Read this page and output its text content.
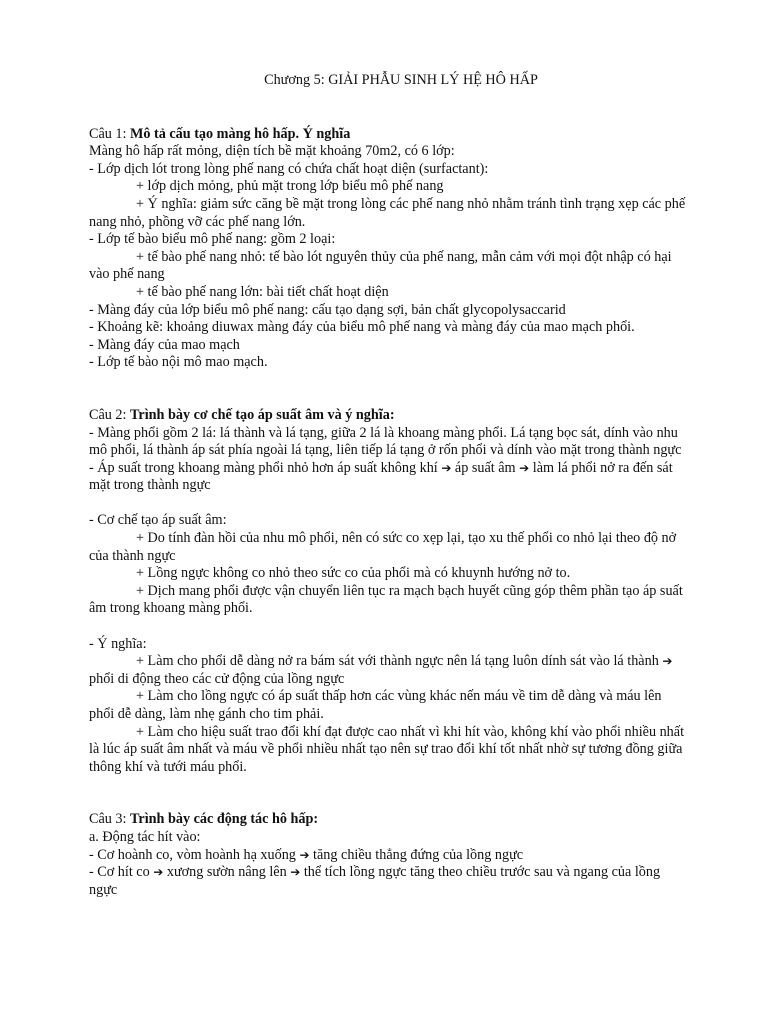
Chương 5: GIẢI PHẪU SINH LÝ HỆ HÔ HẤP

Câu 1: Mô tả cấu tạo màng hô hấp. Ý nghĩa

Màng hô hấp rất mỏng, diện tích bề mặt khoảng 70m2, có 6 lớp:

- Lớp dịch lót trong lòng phế nang có chứa chất hoạt diện (surfactant):

+ lớp dịch mỏng, phủ mặt trong lớp biểu mô phế nang

+ Ý nghĩa: giảm sức căng bề mặt trong lòng các phế nang nhỏ nhằm tránh tình trạng xẹp các phế nang nhỏ, phồng vỡ các phế nang lớn.

- Lớp tế bào biểu mô phế nang: gồm 2 loại:

+ tế bào phế nang nhỏ: tế bào lót nguyên thủy của phế nang, mẫn cảm với mọi đột nhập có hại vào phế nang

+ tế bào phế nang lớn: bài tiết chất hoạt diện

- Màng đáy của lớp biểu mô phế nang: cấu tạo dạng sợi, bản chất glycopolysaccarid

- Khoảng kẽ: khoảng diuwax màng đáy của biểu mô phế nang và màng đáy của mao mạch phổi.

- Màng đáy của mao mạch

- Lớp tế bào nội mô mao mạch.

Câu 2: Trình bày cơ chế tạo áp suất âm và ý nghĩa:

- Màng phổi gồm 2 lá: lá thành và lá tạng, giữa 2 lá là khoang màng phổi. Lá tạng bọc sát, dính vào nhu mô phổi, lá thành áp sát phía ngoài lá tạng, liên tiếp lá tạng ở rốn phổi và dính vào mặt trong thành ngực

- Áp suất trong khoang màng phổi nhỏ hơn áp suất không khí ➔ áp suất âm ➔ làm lá phổi nở ra đến sát mặt trong thành ngực

- Cơ chế tạo áp suất âm:

+ Do tính đàn hồi của nhu mô phổi, nên có sức co xẹp lại, tạo xu thế phổi co nhỏ lại theo độ nở của thành ngực

+ Lồng ngực không co nhỏ theo sức co của phổi mà có khuynh hướng nở to.

+ Dịch mang phổi được vận chuyển liên tục ra mạch bạch huyết cũng góp thêm phần tạo áp suất âm trong khoang màng phổi.

- Ý nghĩa:

+ Làm cho phổi dễ dàng nở ra bám sát với thành ngực nên lá tạng luôn dính sát vào lá thành ➔ phổi di động theo các cử động của lồng ngực

+ Làm cho lồng ngực có áp suất thấp hơn các vùng khác nến máu về tim dễ dàng và máu lên phổi dễ dàng, làm nhẹ gánh cho tim phải.

+ Làm cho hiệu suất trao đổi khí đạt được cao nhất vì khi hít vào, không khí vào phổi nhiều nhất là lúc áp suất âm nhất và máu về phổi nhiều nhất tạo nên sự trao đổi khí tốt nhất nhờ sự tương đồng giữa thông khí và tưới máu phổi.

Câu 3: Trình bày các động tác hô hấp:

a. Động tác hít vào:

- Cơ hoành co, vòm hoành hạ xuống ➔ tăng chiều thẳng đứng của lồng ngực

- Cơ hít co ➔ xương sườn nâng lên ➔ thể tích lồng ngực tăng theo chiều trước sau và ngang của lồng ngực
